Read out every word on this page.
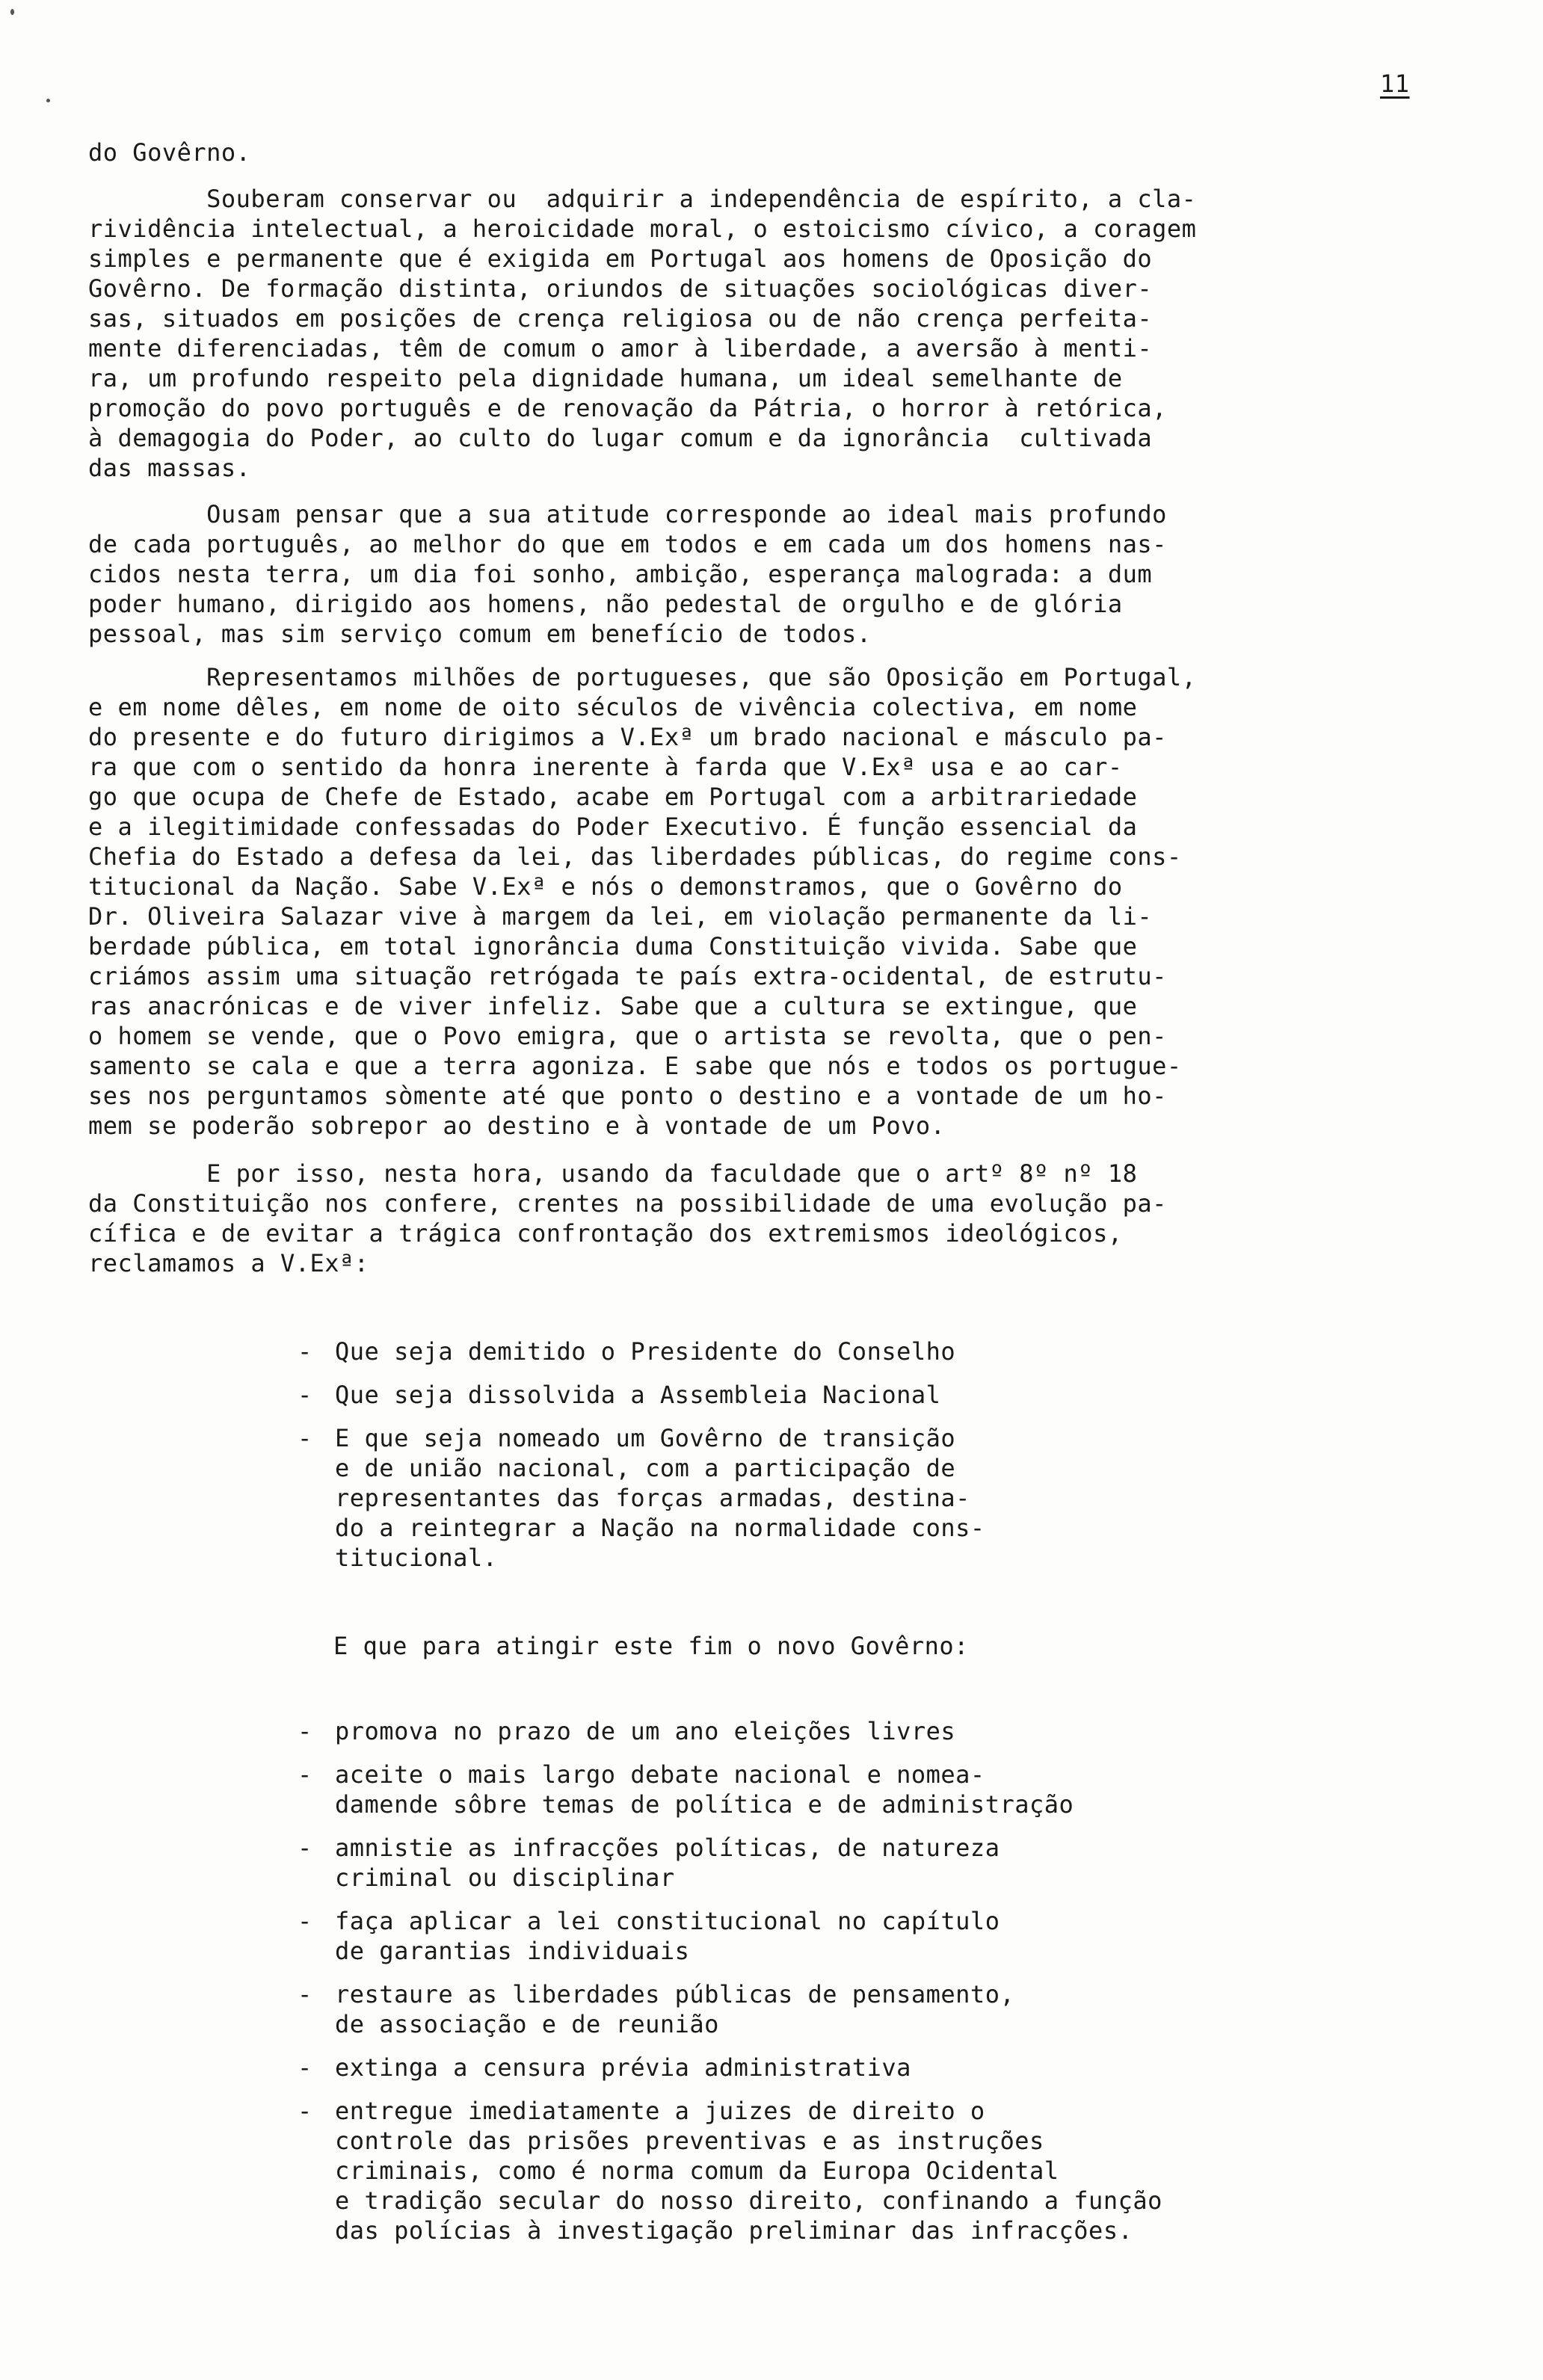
11
do Govêrno.
Souberam conservar ou  adquirir a independência de espírito, a cla-
rividência intelectual, a heroicidade moral, o estoicismo cívico, a coragem
simples e permanente que é exigida em Portugal aos homens de Oposição do
Govêrno. De formação distinta, oriundos de situações sociológicas diver-
sas, situados em posições de crença religiosa ou de não crença perfeita-
mente diferenciadas, têm de comum o amor à liberdade, a aversão à menti-
ra, um profundo respeito pela dignidade humana, um ideal semelhante de
promoção do povo português e de renovação da Pátria, o horror à retórica,
à demagogia do Poder, ao culto do lugar comum e da ignorância  cultivada
das massas.
Ousam pensar que a sua atitude corresponde ao ideal mais profundo
de cada português, ao melhor do que em todos e em cada um dos homens nas-
cidos nesta terra, um dia foi sonho, ambição, esperança malograda: a dum
poder humano, dirigido aos homens, não pedestal de orgulho e de glória
pessoal, mas sim serviço comum em benefício de todos.
Representamos milhões de portugueses, que são Oposição em Portugal,
e em nome dêles, em nome de oito séculos de vivência colectiva, em nome
do presente e do futuro dirigimos a V.Exª um brado nacional e másculo pa-
ra que com o sentido da honra inerente à farda que V.Exª usa e ao car-
go que ocupa de Chefe de Estado, acabe em Portugal com a arbitrariedade
e a ilegitimidade confessadas do Poder Executivo. É função essencial da
Chefia do Estado a defesa da lei, das liberdades públicas, do regime cons-
titucional da Nação. Sabe V.Exª e nós o demonstramos, que o Govêrno do
Dr. Oliveira Salazar vive à margem da lei, em violação permanente da li-
berdade pública, em total ignorância duma Constituição vivida. Sabe que
criámos assim uma situação retrógada te país extra-ocidental, de estrutu-
ras anacrónicas e de viver infeliz. Sabe que a cultura se extingue, que
o homem se vende, que o Povo emigra, que o artista se revolta, que o pen-
samento se cala e que a terra agoniza. E sabe que nós e todos os portugue-
ses nos perguntamos sòmente até que ponto o destino e a vontade de um ho-
mem se poderão sobrepor ao destino e à vontade de um Povo.
E por isso, nesta hora, usando da faculdade que o artº 8º nº 18
da Constituição nos confere, crentes na possibilidade de uma evolução pa-
cífica e de evitar a trágica confrontação dos extremismos ideológicos,
reclamamos a V.Exª:
- Que seja demitido o Presidente do Conselho
- Que seja dissolvida a Assembleia Nacional
- E que seja nomeado um Govêrno de transição
e de união nacional, com a participação de
representantes das forças armadas, destina-
do a reintegrar a Nação na normalidade cons-
titucional.
E que para atingir este fim o novo Govêrno:
- promova no prazo de um ano eleições livres
- aceite o mais largo debate nacional e nomea-
damende sôbre temas de política e de administração
- amnistie as infracções políticas, de natureza
criminal ou disciplinar
- faça aplicar a lei constitucional no capítulo
de garantias individuais
- restaure as liberdades públicas de pensamento,
de associação e de reunião
- extinga a censura prévia administrativa
- entregue imediatamente a juizes de direito o
controle das prisões preventivas e as instruções
criminais, como é norma comum da Europa Ocidental
e tradição secular do nosso direito, confinando a função
das polícias à investigação preliminar das infracções.
